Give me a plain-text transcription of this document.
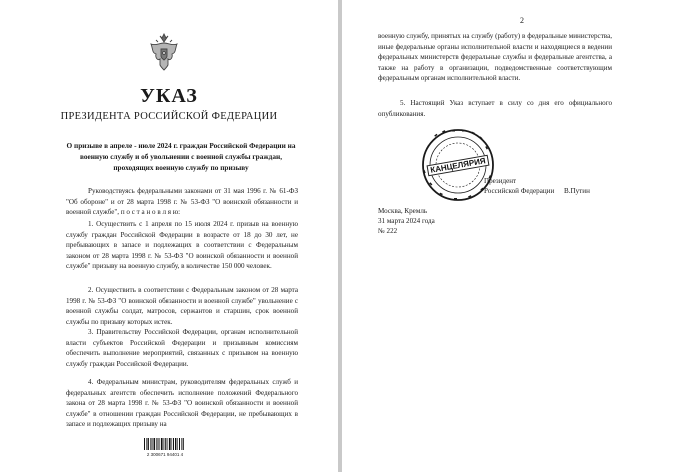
УКАЗ
ПРЕЗИДЕНТА РОССИЙСКОЙ ФЕДЕРАЦИИ
О призыве в апреле - июле 2024 г. граждан Российской Федерации на военную службу и об увольнении с военной службы граждан, проходящих военную службу по призыву
Руководствуясь федеральными законами от 31 мая 1996 г. № 61-ФЗ "Об обороне" и от 28 марта 1998 г. № 53-ФЗ "О воинской обязанности и военной службе", п о с т а н о в л я ю:
1. Осуществить с 1 апреля по 15 июля 2024 г. призыв на военную службу граждан Российской Федерации в возрасте от 18 до 30 лет, не пребывающих в запасе и подлежащих в соответствии с Федеральным законом от 28 марта 1998 г. № 53-ФЗ "О воинской обязанности и военной службе" призыву на военную службу, в количестве 150 000 человек.
2. Осуществить в соответствии с Федеральным законом от 28 марта 1998 г. № 53-ФЗ "О воинской обязанности и военной службе" увольнение с военной службы солдат, матросов, сержантов и старшин, срок военной службы по призыву которых истек.
3. Правительству Российской Федерации, органам исполнительной власти субъектов Российской Федерации и призывным комиссиям обеспечить выполнение мероприятий, связанных с призывом на военную службу граждан Российской Федерации.
4. Федеральным министрам, руководителям федеральных служб и федеральных агентств обеспечить исполнение положений Федерального закона от 28 марта 1998 г. № 53-ФЗ "О воинской обязанности и военной службе" в отношении граждан Российской Федерации, не пребывающих в запасе и подлежащих призыву на
2 300671 94401 4
2
военную службу, принятых на службу (работу) в федеральные министерства, иные федеральные органы исполнительной власти и находящиеся в ведении федеральных министерств федеральные службы и федеральные агентства, а также на работу в организации, подведомственные соответствующим федеральным органам исполнительной власти.
5. Настоящий Указ вступает в силу со дня его официального опубликования.
КАНЦЕЛЯРИЯ
Президент
Российской Федерации В.Путин
Москва, Кремль
31 марта 2024 года
№ 222
